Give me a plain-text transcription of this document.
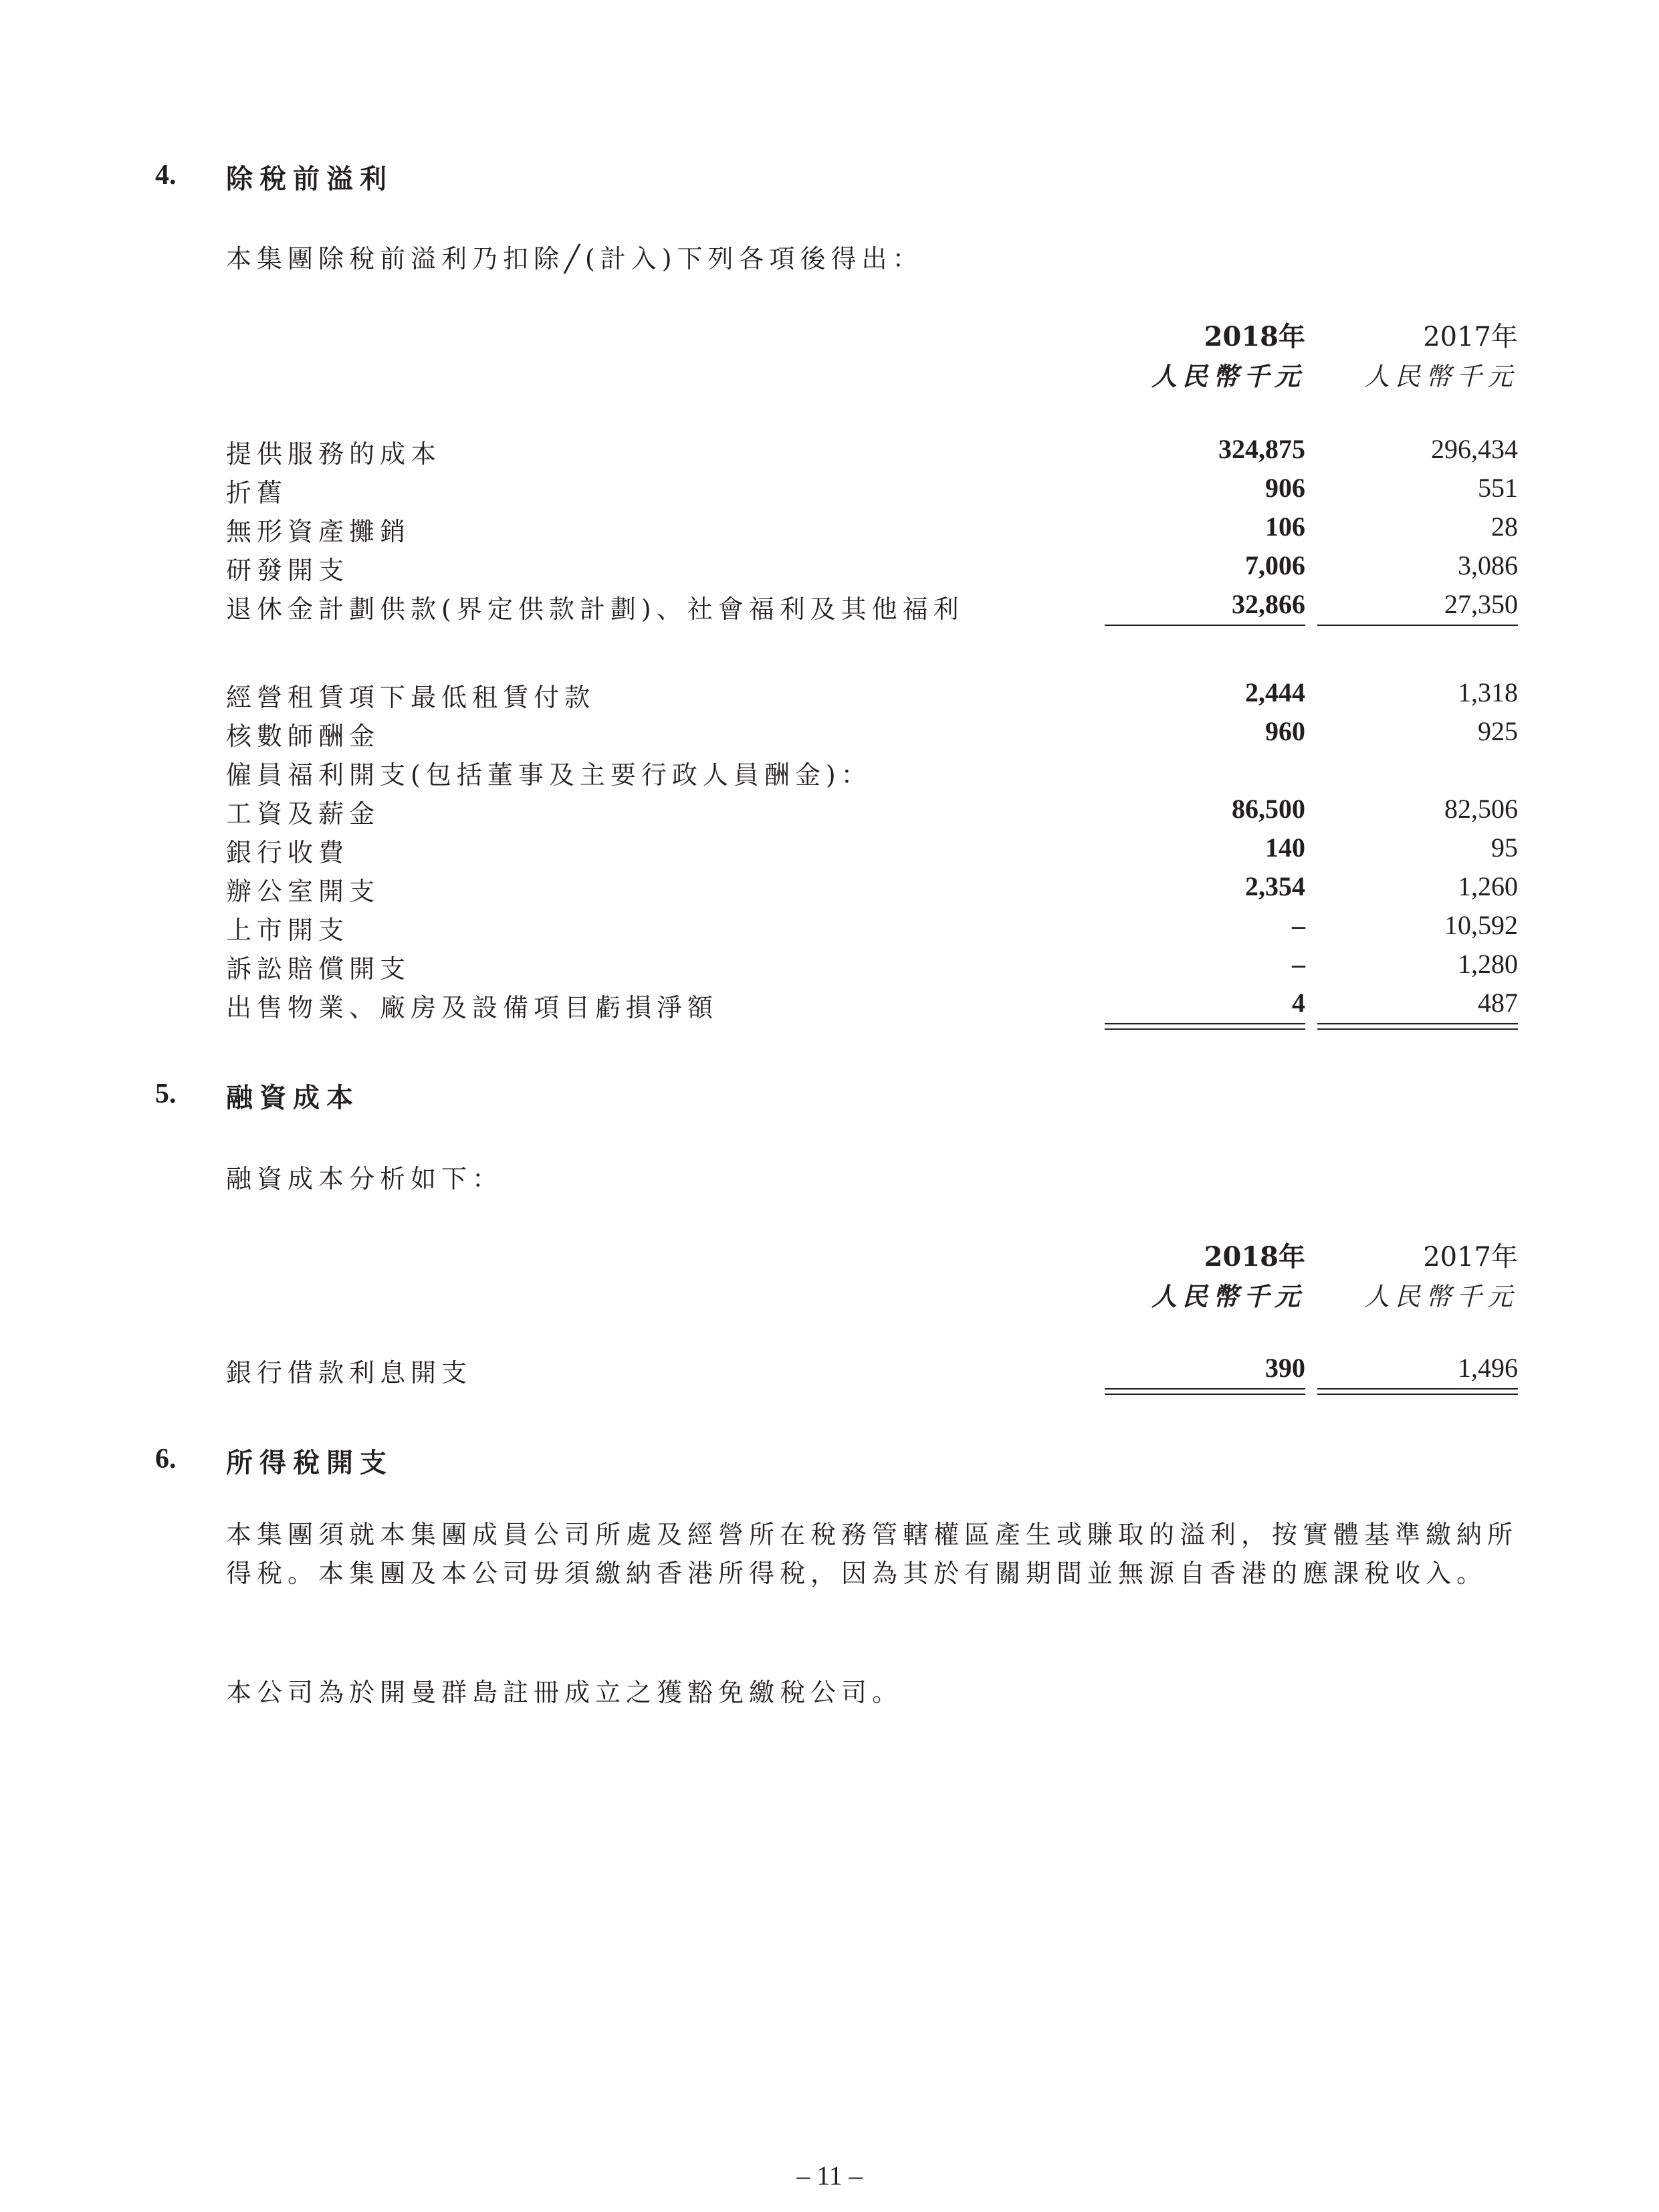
4. 除稅前溢利
本集團除稅前溢利乃扣除╱(計入)下列各項後得出：
2018年	2017年
人民幣千元	人民幣千元
提供服務的成本	324,875	296,434
折舊	906	551
無形資產攤銷	106	28
研發開支	7,006	3,086
退休金計劃供款(界定供款計劃)、社會福利及其他福利	32,866	27,350
經營租賃項下最低租賃付款	2,444	1,318
核數師酬金	960	925
僱員福利開支(包括董事及主要行政人員酬金)：
工資及薪金	86,500	82,506
銀行收費	140	95
辦公室開支	2,354	1,260
上市開支	–	10,592
訴訟賠償開支	–	1,280
出售物業、廠房及設備項目虧損淨額	4	487
5. 融資成本
融資成本分析如下：
2018年	2017年
人民幣千元	人民幣千元
銀行借款利息開支	390	1,496
6. 所得稅開支
本集團須就本集團成員公司所處及經營所在稅務管轄權區產生或賺取的溢利，按實體基準繳納所得稅。本集團及本公司毋須繳納香港所得稅，因為其於有關期間並無源自香港的應課稅收入。
本公司為於開曼群島註冊成立之獲豁免繳稅公司。
– 11 –
